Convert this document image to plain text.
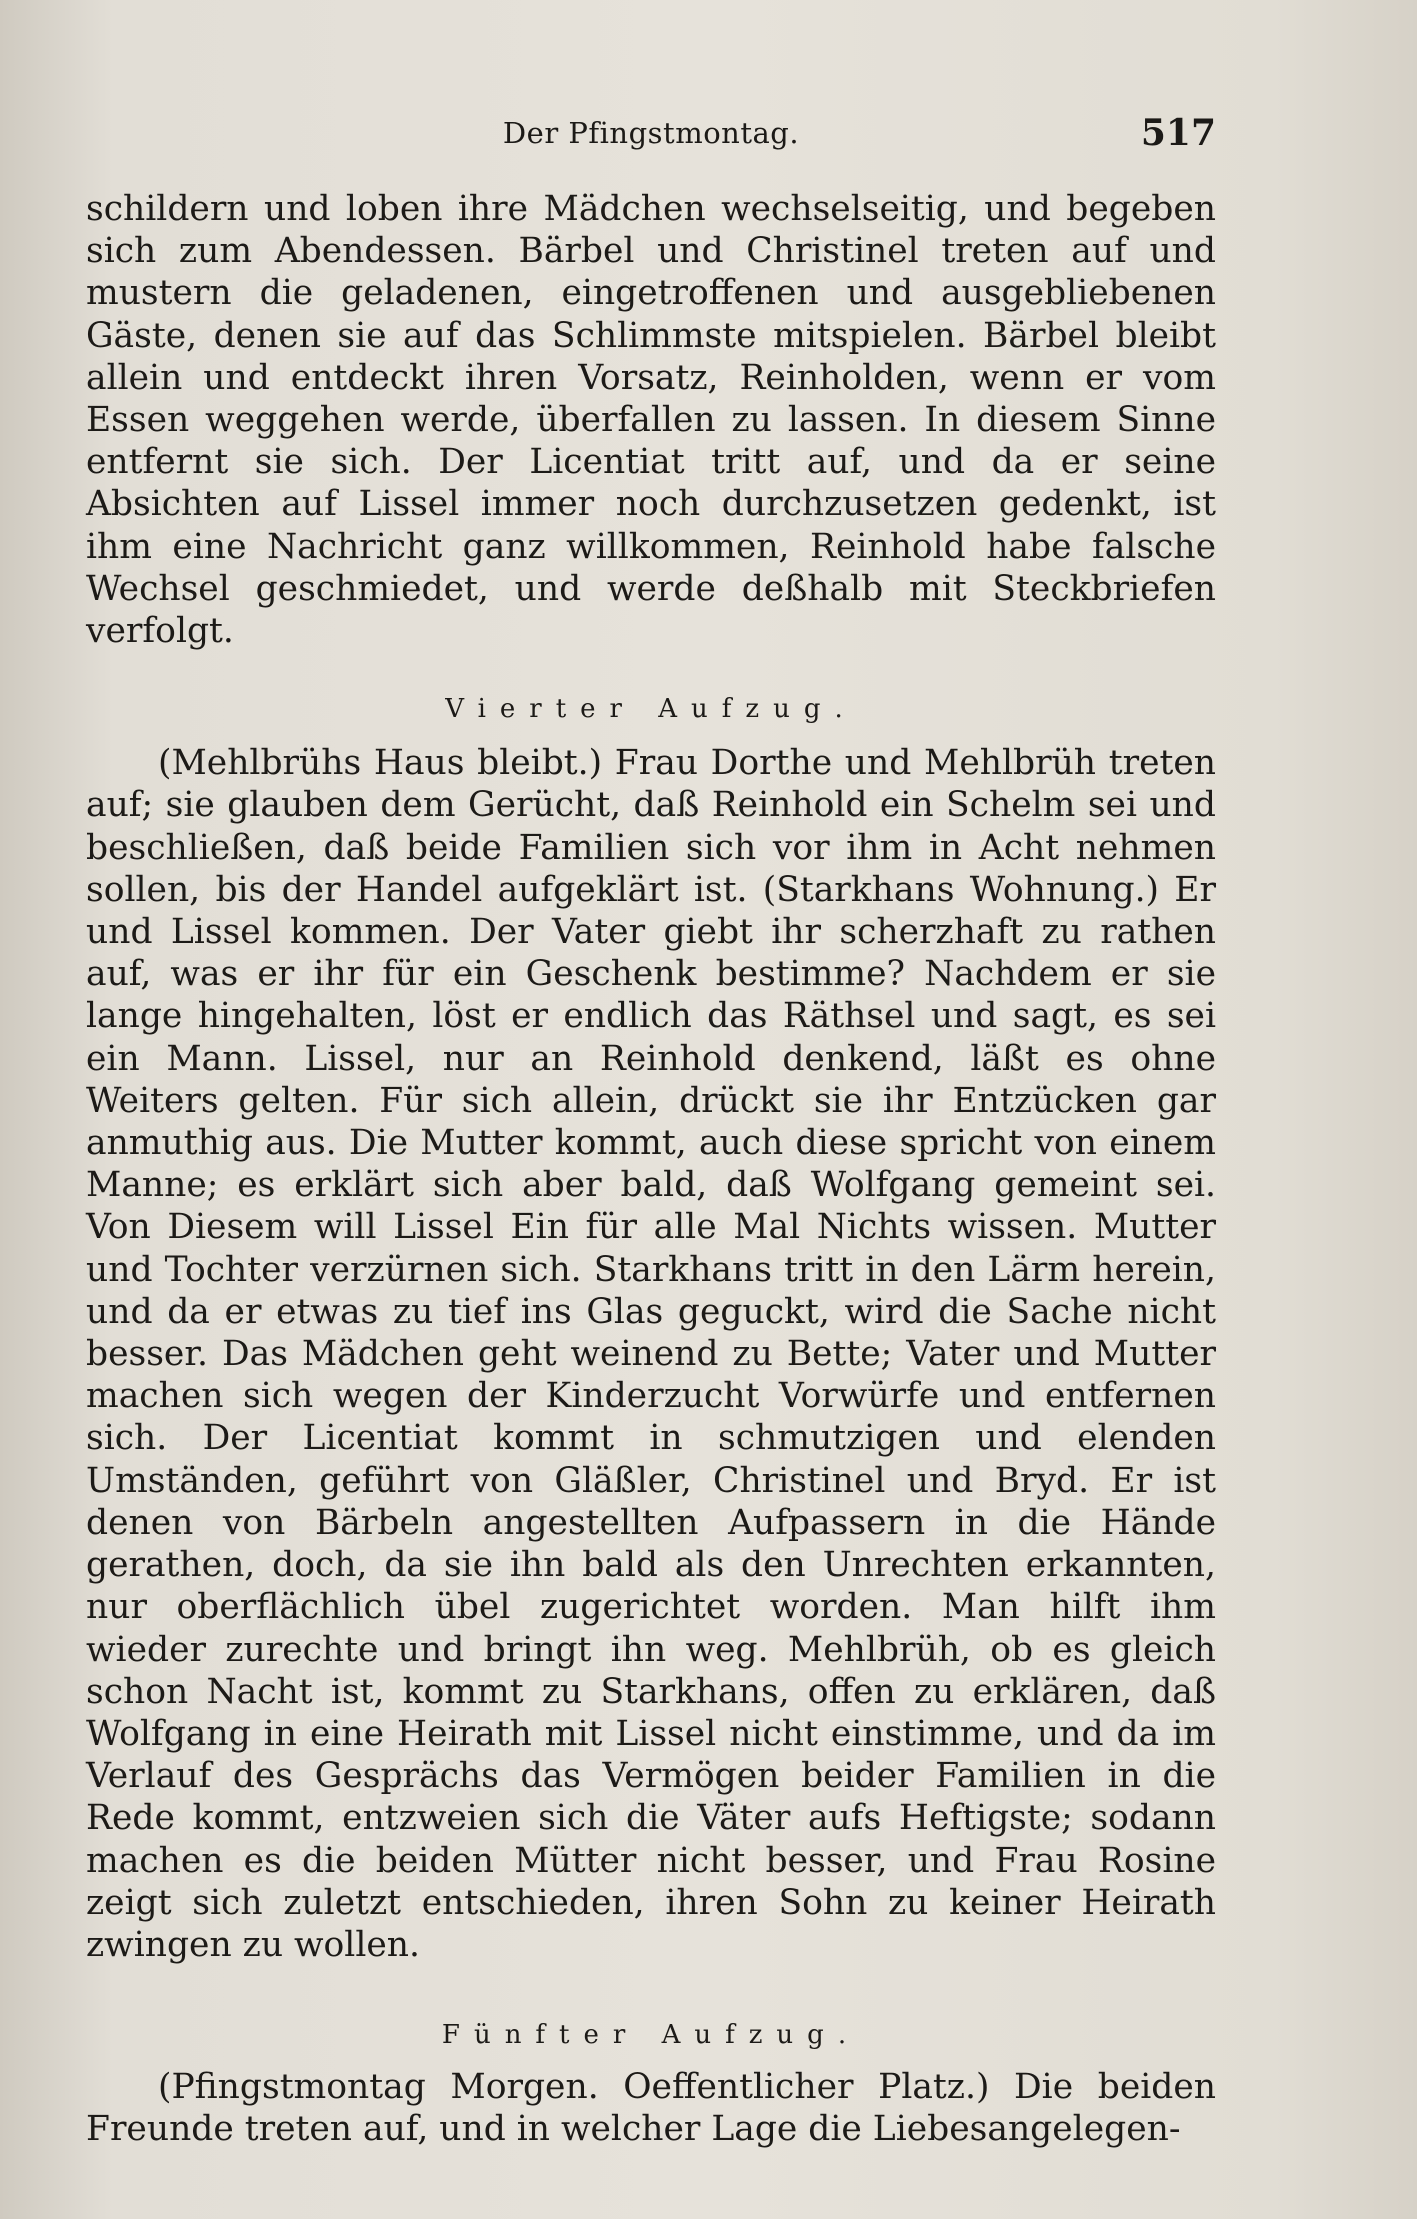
Der Pfingstmontag.	517

schildern und loben ihre Mädchen wechselseitig, und begeben sich zum Abendessen. Bärbel und Christinel treten auf und mustern die geladenen, eingetroffenen und ausgebliebenen Gäste, denen sie auf das Schlimmste mitspielen. Bärbel bleibt allein und entdeckt ihren Vorsatz, Reinholden, wenn er vom Essen weggehen werde, überfallen zu lassen. In diesem Sinne entfernt sie sich. Der Licentiat tritt auf, und da er seine Absichten auf Lissel immer noch durchzusetzen gedenkt, ist ihm eine Nachricht ganz willkommen, Reinhold habe falsche Wechsel geschmiedet, und werde deßhalb mit Steckbriefen verfolgt.

Vierter Aufzug.

(Mehlbrühs Haus bleibt.) Frau Dorthe und Mehlbrüh treten auf; sie glauben dem Gerücht, daß Reinhold ein Schelm sei und beschließen, daß beide Familien sich vor ihm in Acht nehmen sollen, bis der Handel aufgeklärt ist. (Starkhans Wohnung.) Er und Lissel kommen. Der Vater giebt ihr scherzhaft zu rathen auf, was er ihr für ein Geschenk bestimme? Nachdem er sie lange hingehalten, löst er endlich das Räthsel und sagt, es sei ein Mann. Lissel, nur an Reinhold denkend, läßt es ohne Weiters gelten. Für sich allein, drückt sie ihr Entzücken gar anmuthig aus. Die Mutter kommt, auch diese spricht von einem Manne; es erklärt sich aber bald, daß Wolfgang gemeint sei. Von Diesem will Lissel Ein für alle Mal Nichts wissen. Mutter und Tochter verzürnen sich. Starkhans tritt in den Lärm herein, und da er etwas zu tief ins Glas geguckt, wird die Sache nicht besser. Das Mädchen geht weinend zu Bette; Vater und Mutter machen sich wegen der Kinderzucht Vorwürfe und entfernen sich. Der Licentiat kommt in schmutzigen und elenden Umständen, geführt von Gläßler, Christinel und Bryd. Er ist denen von Bärbeln angestellten Aufpassern in die Hände gerathen, doch, da sie ihn bald als den Unrechten erkannten, nur oberflächlich übel zugerichtet worden. Man hilft ihm wieder zurechte und bringt ihn weg. Mehlbrüh, ob es gleich schon Nacht ist, kommt zu Starkhans, offen zu erklären, daß Wolfgang in eine Heirath mit Lissel nicht einstimme, und da im Verlauf des Gesprächs das Vermögen beider Familien in die Rede kommt, entzweien sich die Väter aufs Heftigste; sodann machen es die beiden Mütter nicht besser, und Frau Rosine zeigt sich zuletzt entschieden, ihren Sohn zu keiner Heirath zwingen zu wollen.

Fünfter Aufzug.

(Pfingstmontag Morgen. Oeffentlicher Platz.) Die beiden Freunde treten auf, und in welcher Lage die Liebesangelegen-
